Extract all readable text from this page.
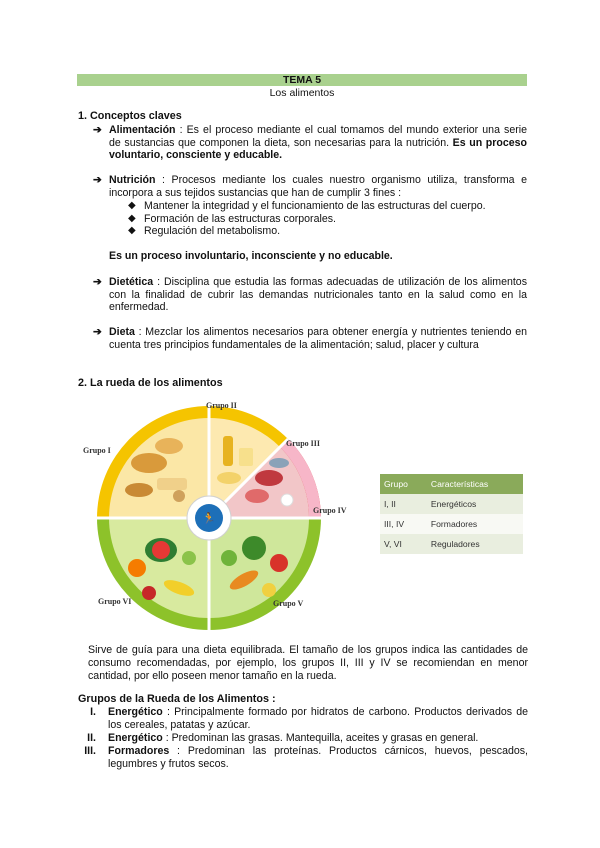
TEMA 5
Los alimentos
1. Conceptos claves
➔ Alimentación : Es el proceso mediante el cual tomamos del mundo exterior una serie de sustancias que componen la dieta, son necesarias para la nutrición. Es un proceso voluntario, consciente y educable.
➔ Nutrición : Procesos mediante los cuales nuestro organismo utiliza, transforma e incorpora a sus tejidos sustancias que han de cumplir 3 fines :
◆ Mantener la integridad y el funcionamiento de las estructuras del cuerpo.
◆ Formación de las estructuras corporales.
◆ Regulación del metabolismo.
Es un proceso involuntario, inconsciente y no educable.
➔ Dietética : Disciplina que estudia las formas adecuadas de utilización de los alimentos con la finalidad de cubrir las demandas nutricionales tanto en la salud como en la enfermedad.
➔ Dieta : Mezclar los alimentos necesarios para obtener energía y nutrientes teniendo en cuenta tres principios fundamentales de la alimentación; salud, placer y cultura
2. La rueda de los alimentos
🏃
Grupo I
Grupo II
Grupo III
Grupo IV
Grupo V
Grupo VI
Grupo	Características
I, II	Energéticos
III, IV	Formadores
V, VI	Reguladores
Sirve de guía para una dieta equilibrada. El tamaño de los grupos indica las cantidades de consumo recomendadas, por ejemplo, los grupos II, III y IV se recomiendan en menor cantidad, por ello poseen menor tamaño en la rueda.
Grupos de la Rueda de los Alimentos :
I. Energético : Principalmente formado por hidratos de carbono. Productos derivados de los cereales, patatas y azúcar.
II. Energético : Predominan las grasas. Mantequilla, aceites y grasas en general.
III. Formadores : Predominan las proteínas. Productos cárnicos, huevos, pescados, legumbres y frutos secos.
